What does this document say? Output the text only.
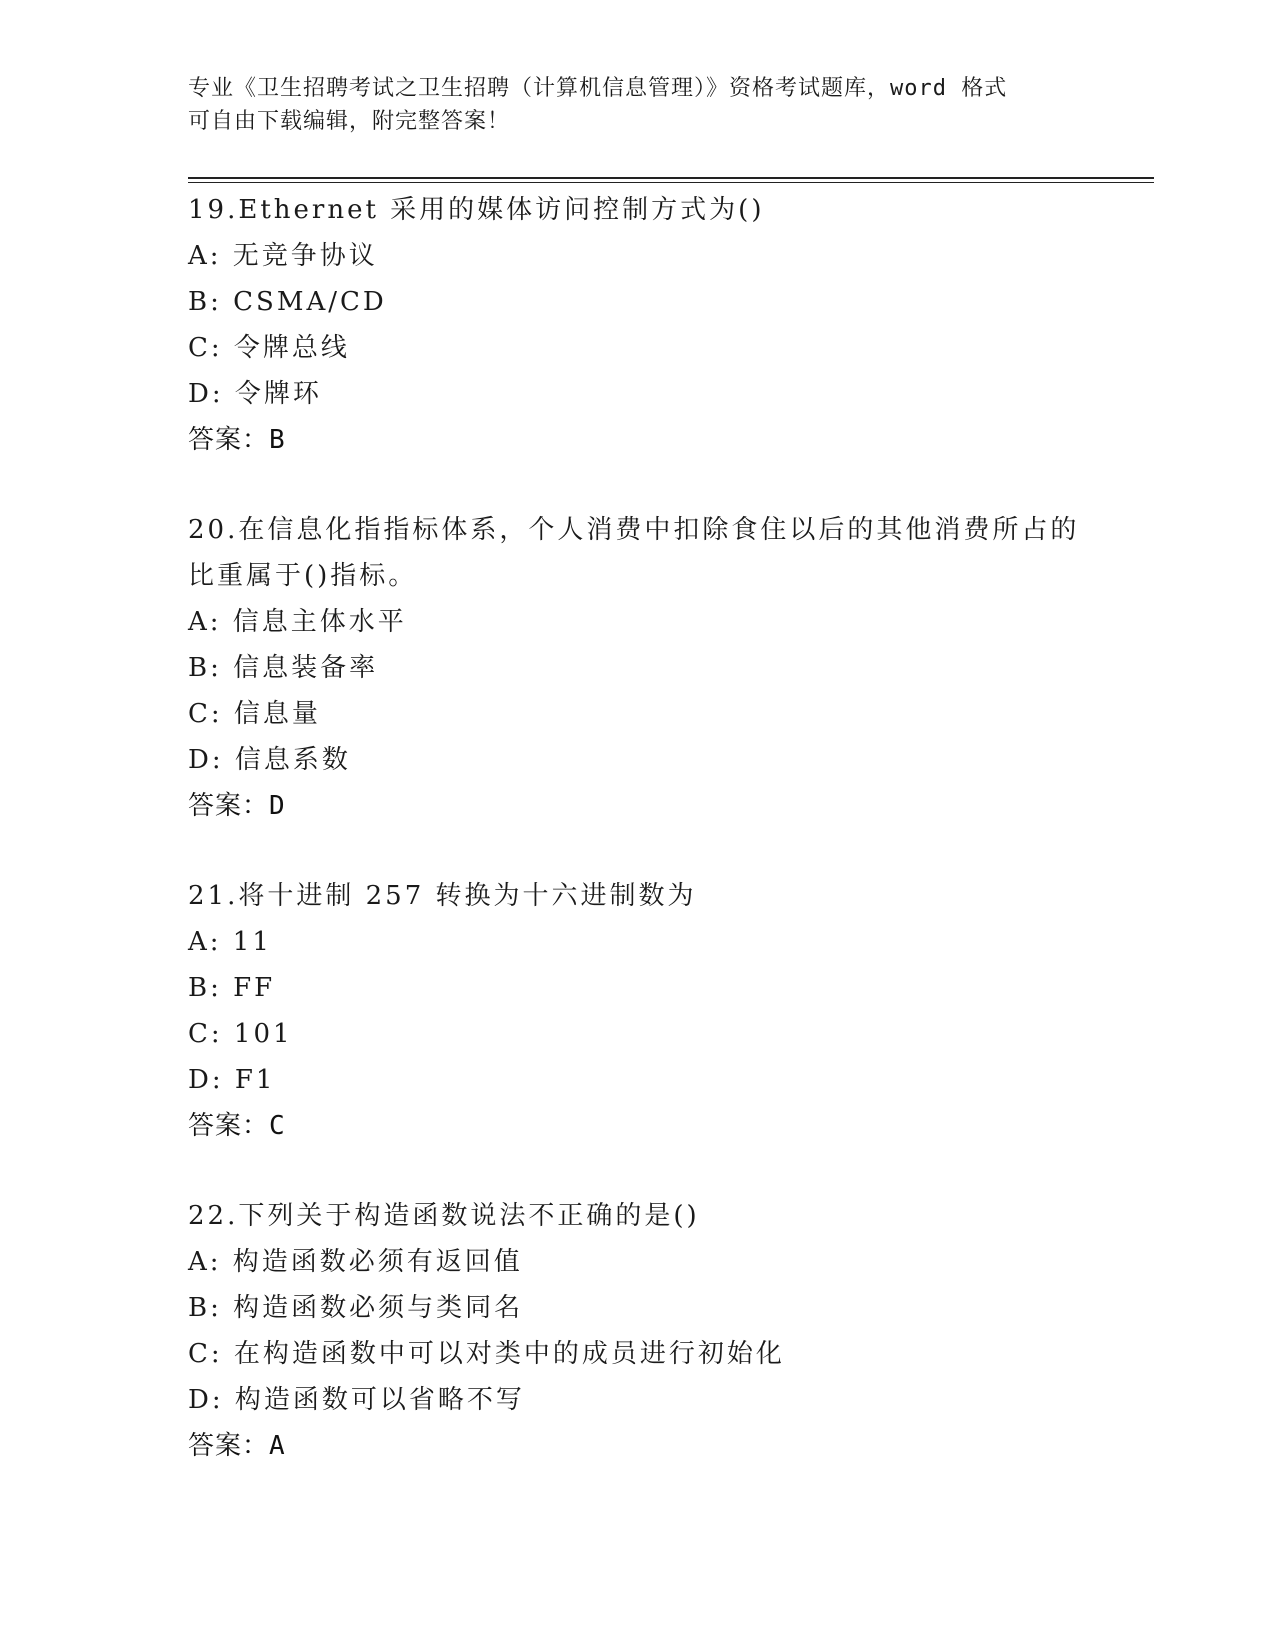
专业《卫生招聘考试之卫生招聘（计算机信息管理）》资格考试题库，word 格式
可自由下载编辑，附完整答案！
19.Ethernet 采用的媒体访问控制方式为()
A: 无竞争协议
B: CSMA/CD
C: 令牌总线
D: 令牌环
答案：B
20.在信息化指指标体系，个人消费中扣除食住以后的其他消费所占的
比重属于()指标。
A: 信息主体水平
B: 信息装备率
C: 信息量
D: 信息系数
答案：D
21.将十进制 257 转换为十六进制数为
A: 11
B: FF
C: 101
D: F1
答案：C
22.下列关于构造函数说法不正确的是()
A: 构造函数必须有返回值
B: 构造函数必须与类同名
C: 在构造函数中可以对类中的成员进行初始化
D: 构造函数可以省略不写
答案：A
